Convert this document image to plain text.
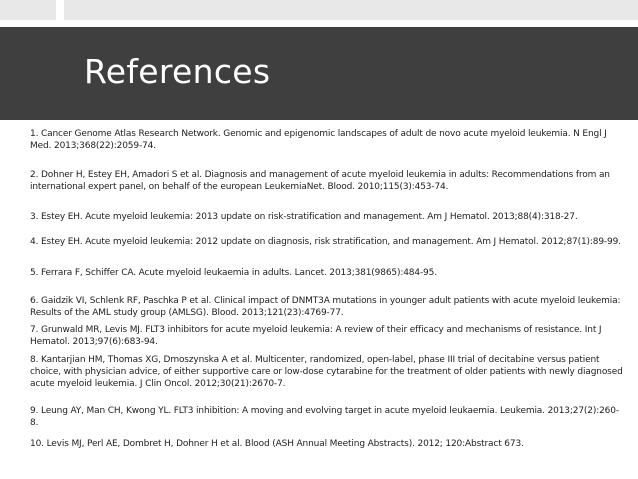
References

1. Cancer Genome Atlas Research Network. Genomic and epigenomic landscapes of adult de novo acute myeloid leukemia. N Engl J Med. 2013;368(22):2059-74.

2. Dohner H, Estey EH, Amadori S et al. Diagnosis and management of acute myeloid leukemia in adults: Recommendations from an international expert panel, on behalf of the european LeukemiaNet. Blood. 2010;115(3):453-74.

3. Estey EH. Acute myeloid leukemia: 2013 update on risk-stratification and management. Am J Hematol. 2013;88(4):318-27.

4. Estey EH. Acute myeloid leukemia: 2012 update on diagnosis, risk stratification, and management. Am J Hematol. 2012;87(1):89-99.

5. Ferrara F, Schiffer CA. Acute myeloid leukaemia in adults. Lancet. 2013;381(9865):484-95.

6. Gaidzik VI, Schlenk RF, Paschka P et al. Clinical impact of DNMT3A mutations in younger adult patients with acute myeloid leukemia: Results of the AML study group (AMLSG). Blood. 2013;121(23):4769-77.

7. Grunwald MR, Levis MJ. FLT3 inhibitors for acute myeloid leukemia: A review of their efficacy and mechanisms of resistance. Int J Hematol. 2013;97(6):683-94.

8. Kantarjian HM, Thomas XG, Dmoszynska A et al. Multicenter, randomized, open-label, phase III trial of decitabine versus patient choice, with physician advice, of either supportive care or low-dose cytarabine for the treatment of older patients with newly diagnosed acute myeloid leukemia. J Clin Oncol. 2012;30(21):2670-7.

9. Leung AY, Man CH, Kwong YL. FLT3 inhibition: A moving and evolving target in acute myeloid leukaemia. Leukemia. 2013;27(2):260-8.

10. Levis MJ, Perl AE, Dombret H, Dohner H et al. Blood (ASH Annual Meeting Abstracts). 2012; 120:Abstract 673.
